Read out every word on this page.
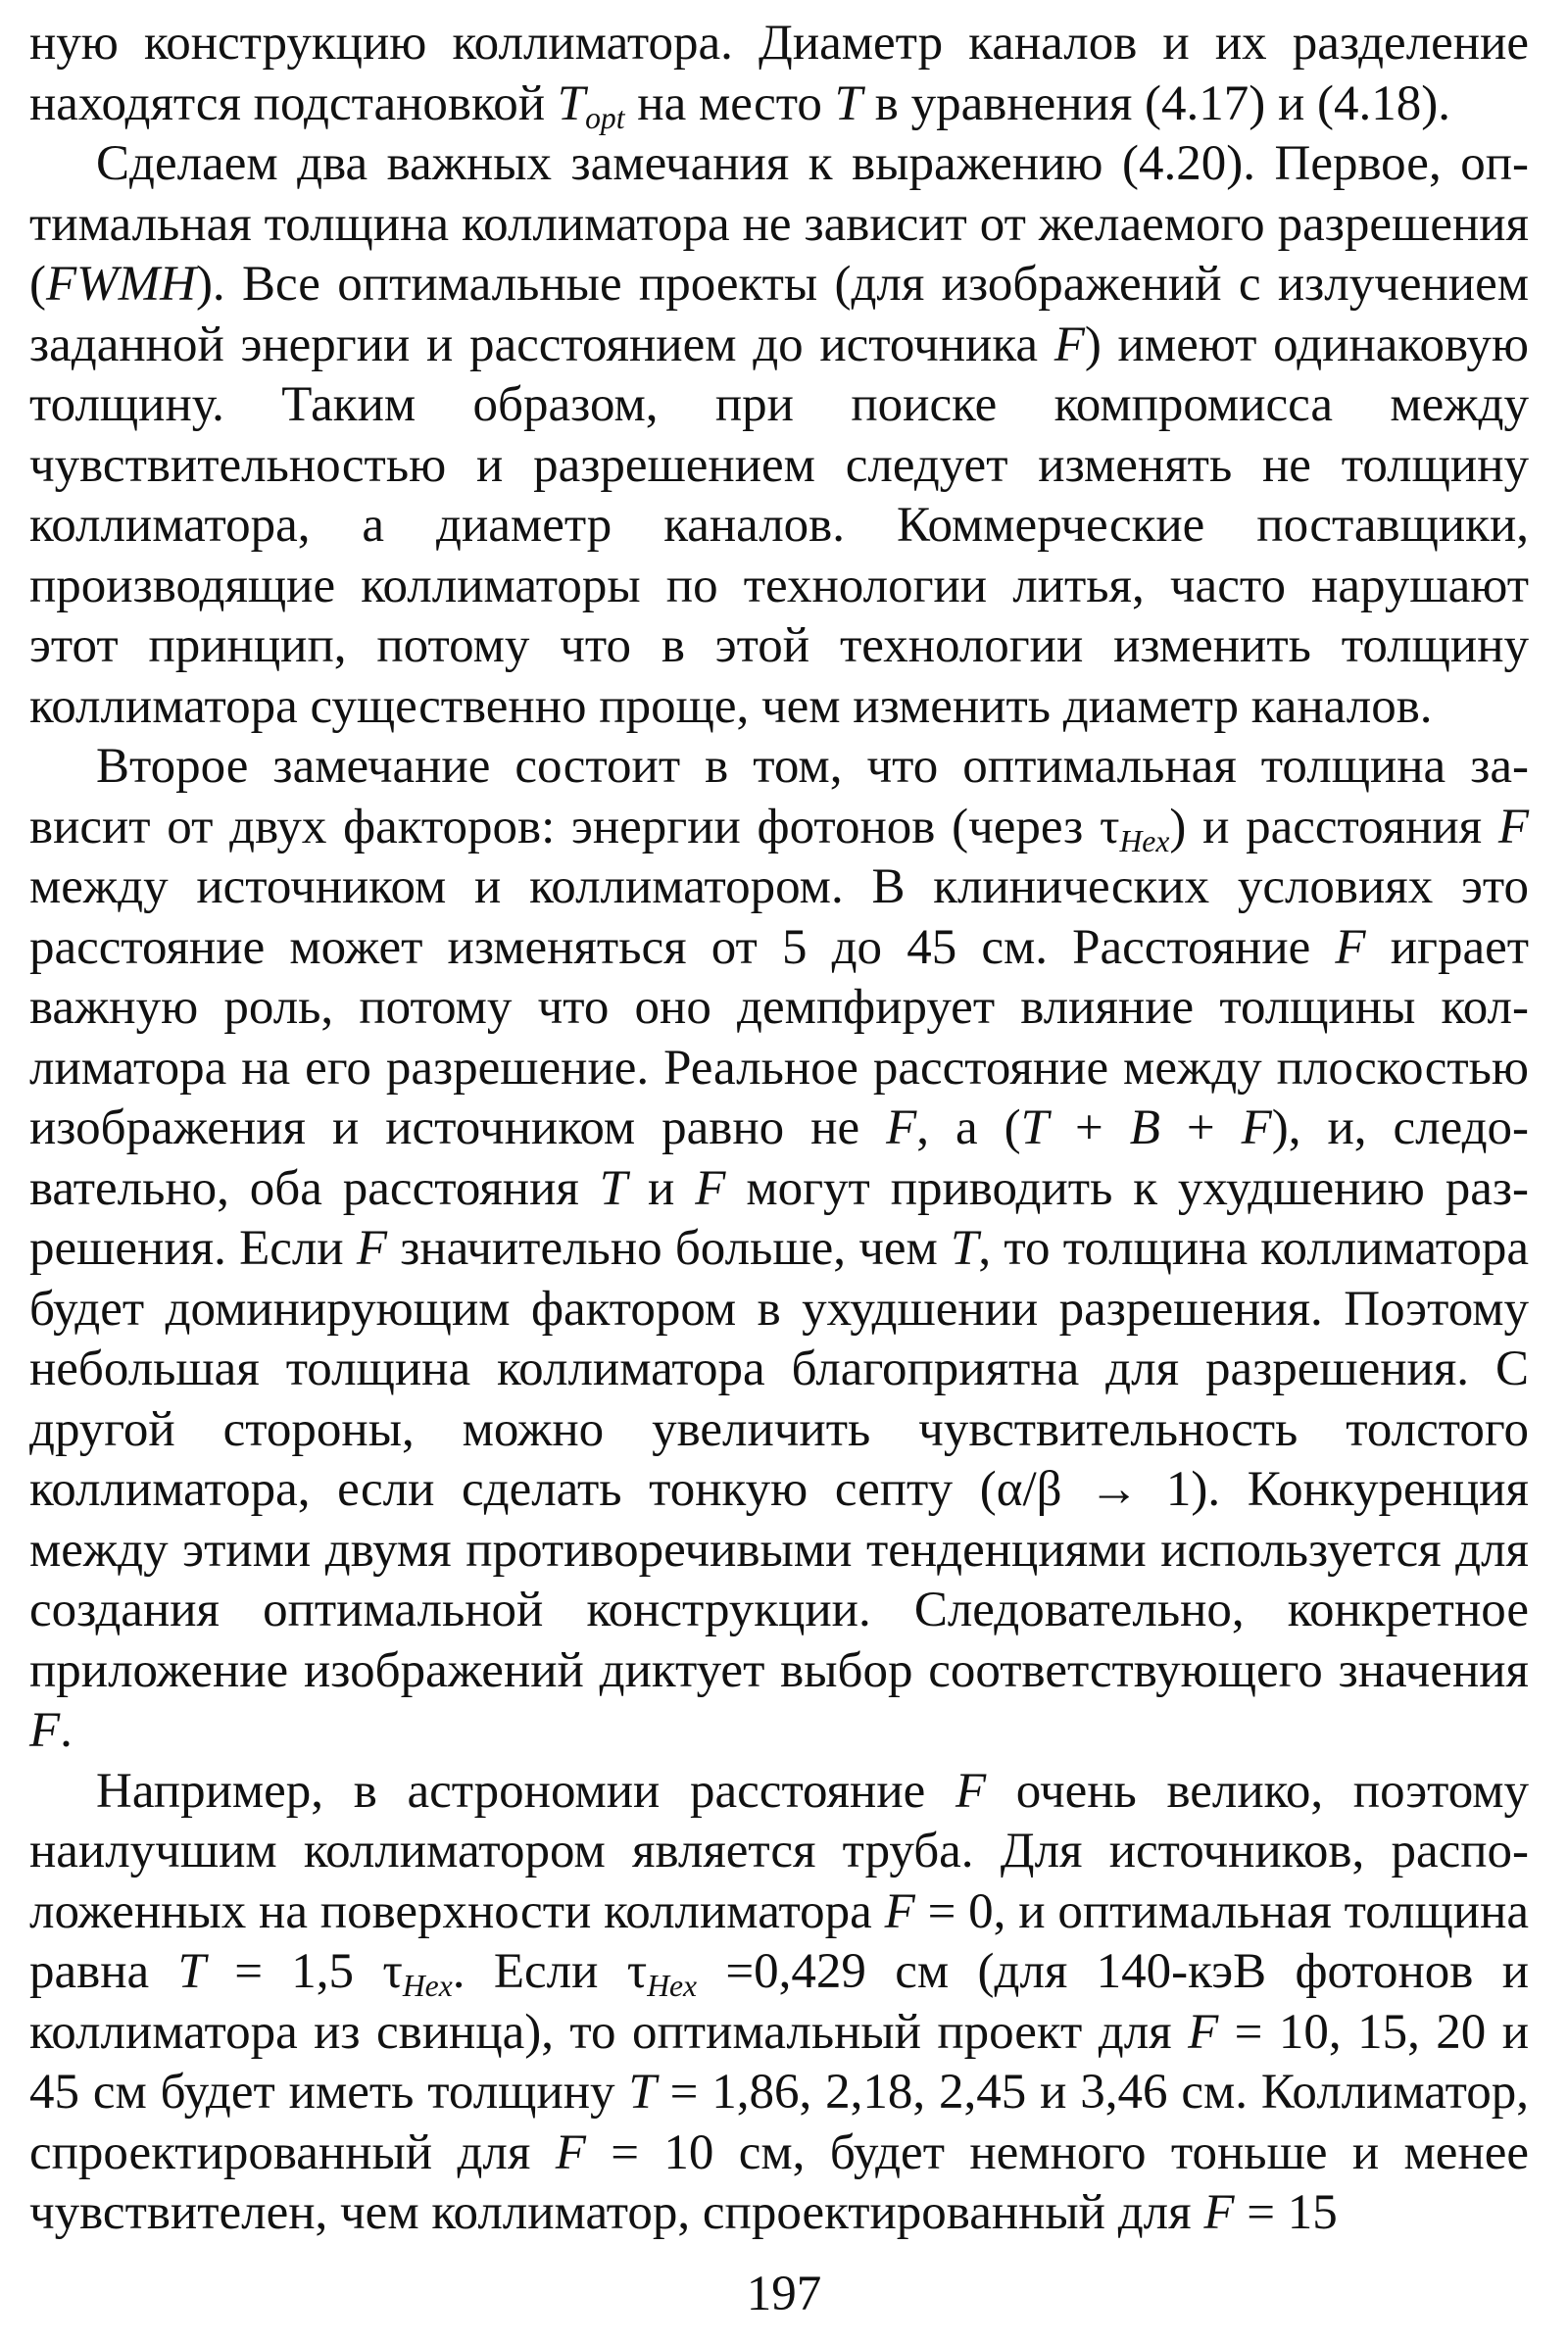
ную конструкцию коллиматора. Диаметр каналов и их разделение находятся подстановкой $T_{opt}$ на место T в уравнения (4.17) и (4.18).

Сделаем два важных замечания к выражению (4.20). Первое, оптимальная толщина коллиматора не зависит от желаемого разрешения (FWMH). Все оптимальные проекты (для изображений с излучением заданной энергии и расстоянием до источника F) имеют одинаковую толщину. Таким образом, при поиске компромисса между чувствительностью и разрешением следует изменять не толщину коллиматора, а диаметр каналов. Коммерческие поставщики, производящие коллиматоры по технологии литья, часто нарушают этот принцип, потому что в этой технологии изменить толщину коллиматора существенно проще, чем изменить диаметр каналов.

Второе замечание состоит в том, что оптимальная толщина зависит от двух факторов: энергии фотонов (через $\tau_{Hex}$) и расстояния F между источником и коллиматором. В клинических условиях это расстояние может изменяться от 5 до 45 см. Расстояние F играет важную роль, потому что оно демпфирует влияние толщины коллиматора на его разрешение. Реальное расстояние между плоскостью изображения и источником равно не F, а (T + B + F), и, следовательно, оба расстояния T и F могут приводить к ухудшению разрешения. Если F значительно больше, чем T, то толщина коллиматора будет доминирующим фактором в ухудшении разрешения. Поэтому небольшая толщина коллиматора благоприятна для разрешения. С другой стороны, можно увеличить чувствительность толстого коллиматора, если сделать тонкую септу (α/β → 1). Конкуренция между этими двумя противоречивыми тенденциями используется для создания оптимальной конструкции. Следовательно, конкретное приложение изображений диктует выбор соответствующего значения F.

Например, в астрономии расстояние F очень велико, поэтому наилучшим коллиматором является труба. Для источников, расположенных на поверхности коллиматора F = 0, и оптимальная толщина равна T = 1,5 $\tau_{Hex}$. Если $\tau_{Hex} =0,429$ см (для 140-кэВ фотонов и коллиматора из свинца), то оптимальный проект для F = 10, 15, 20 и 45 см будет иметь толщину T = 1,86, 2,18, 2,45 и 3,46 см. Коллиматор, спроектированный для F = 10 см, будет немного тоньше и менее чувствителен, чем коллиматор, спроектированный для F = 15

197
